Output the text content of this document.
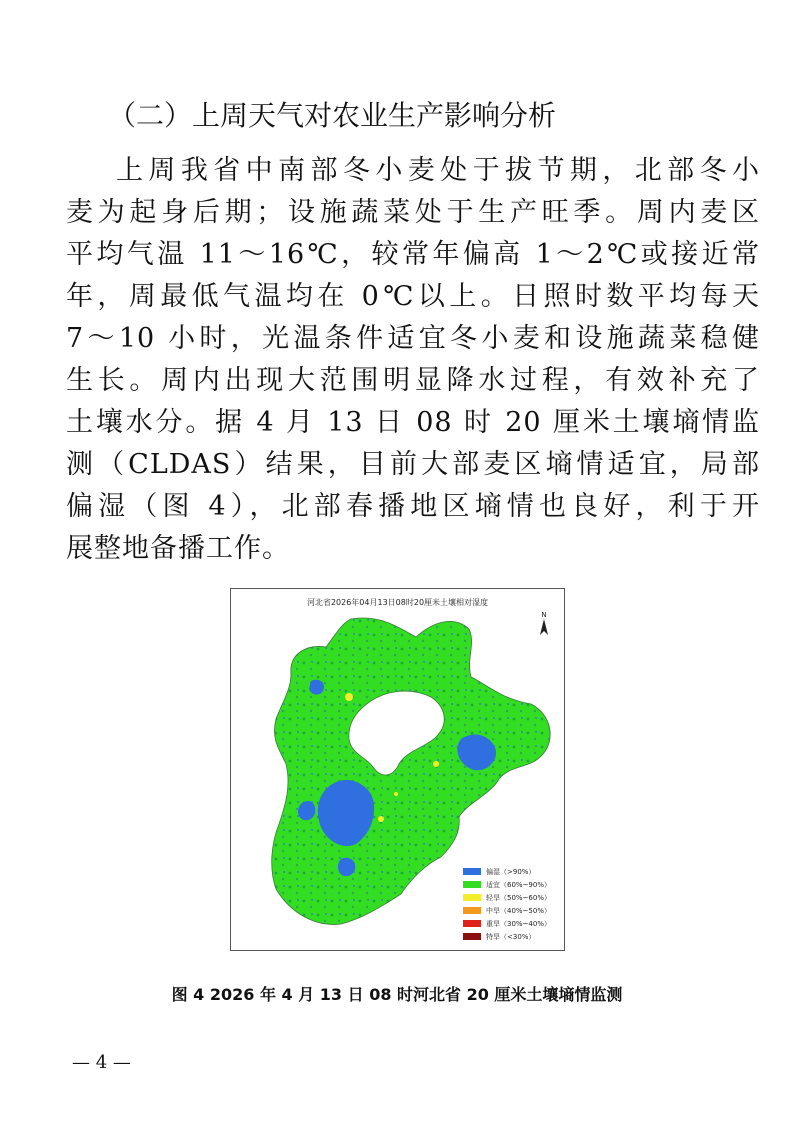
（二）上周天气对农业生产影响分析
上周我省中南部冬小麦处于拔节期，北部冬小
麦为起身后期；设施蔬菜处于生产旺季。周内麦区
平均气温 11～16℃，较常年偏高 1～2℃或接近常
年，周最低气温均在 0℃以上。日照时数平均每天
7～10 小时，光温条件适宜冬小麦和设施蔬菜稳健
生长。周内出现大范围明显降水过程，有效补充了
土壤水分。据 4 月 13 日 08 时 20 厘米土壤墒情监
测（CLDAS）结果，目前大部麦区墒情适宜，局部
偏湿（图 4），北部春播地区墒情也良好，利于开
展整地备播工作。
N
河北省2026年04月13日08时20厘米土壤相对湿度
偏湿（>90%）
适宜（60%~90%）
轻旱（50%~60%）
中旱（40%~50%）
重旱（30%~40%）
特旱（<30%）
图 4 2026 年 4 月 13 日 08 时河北省 20 厘米土壤墒情监测
— 4 —
